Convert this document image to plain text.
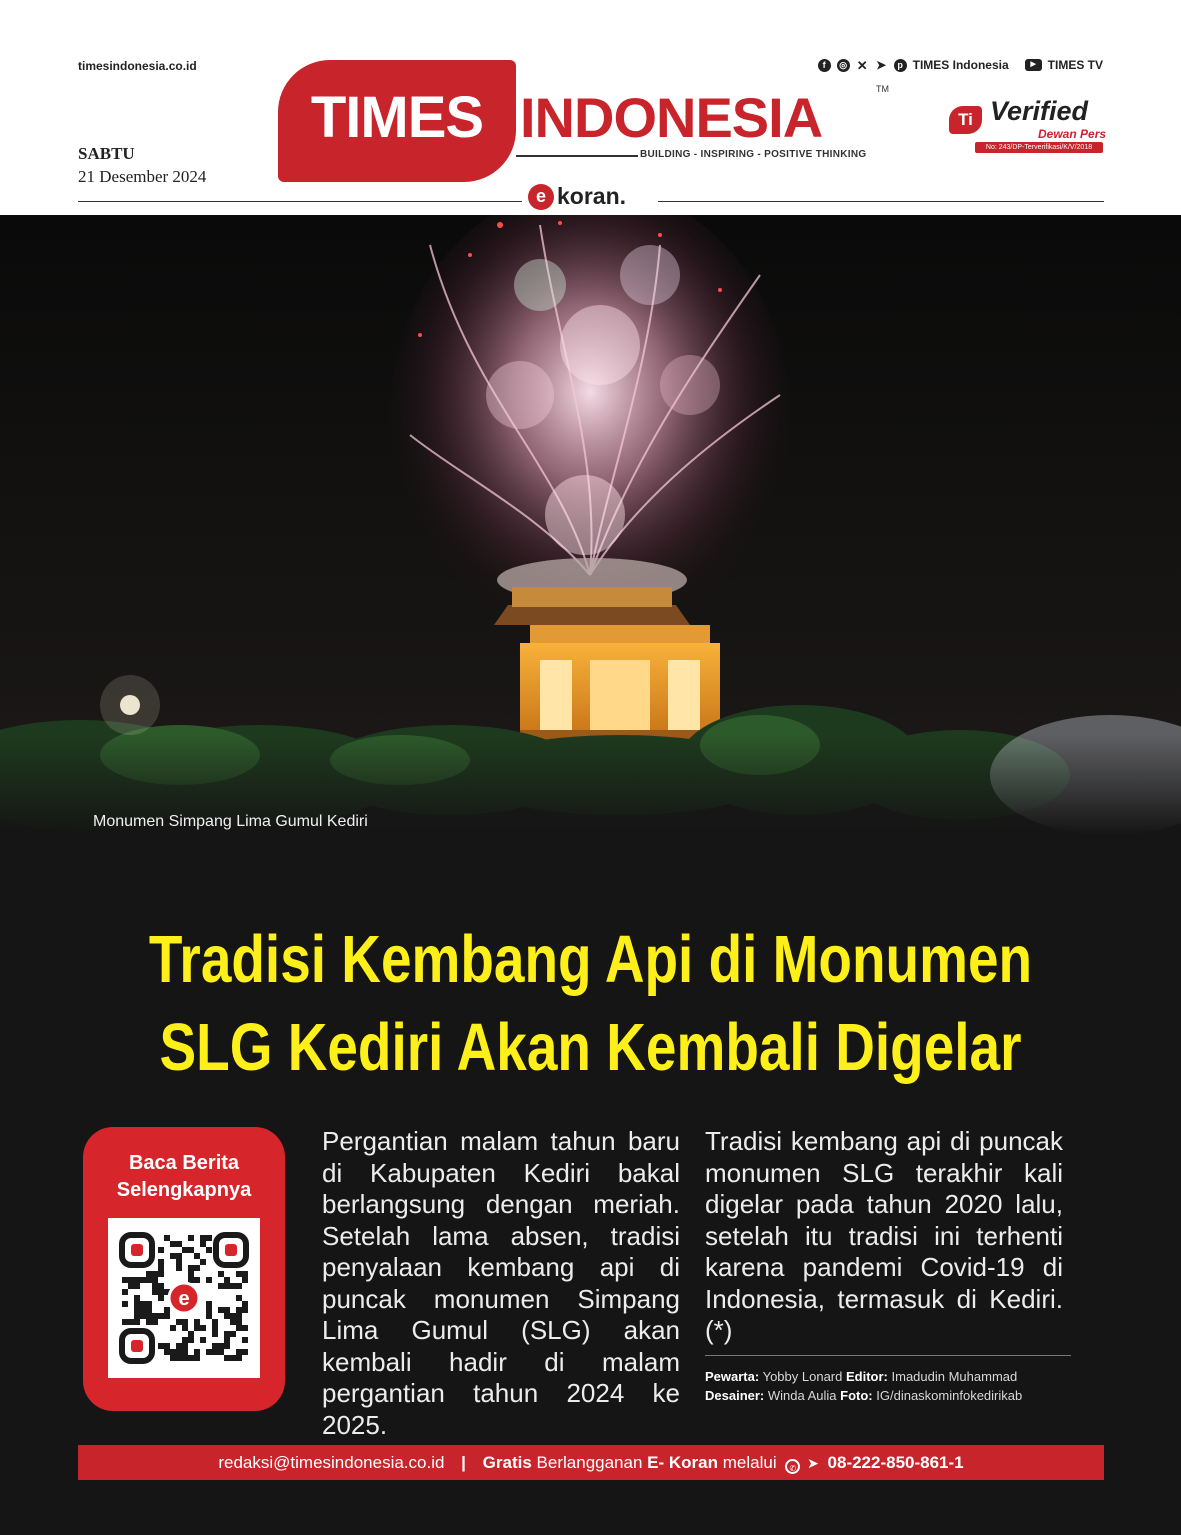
timesindonesia.co.id	f	◎ ✕ ➤	p TIMES Indonesia	▶ TIMES TV
SABTU
21 Desember 2024
TIMES INDONESIA	TM
BUILDING - INSPIRING - POSITIVE THINKING
Ti Verified
Dewan Pers
No: 243/DP-Terverifikasi/K/V/2018
e koran.
Monumen Simpang Lima Gumul Kediri
Tradisi Kembang Api di Monumen
SLG Kediri Akan Kembali Digelar
Baca Berita
Selengkapnya
e
Pergantian malam tahun baru di Kabupaten Kediri bakal berlangsung dengan meriah. Setelah lama absen, tradisi penyalaan kembang api di puncak monumen Simpang Lima Gumul (SLG) akan kembali hadir di malam pergantian tahun 2024 ke 2025.
Tradisi kembang api di puncak monumen SLG terakhir kali digelar pada tahun 2020 lalu, setelah itu tradisi ini terhenti karena pandemi Covid-19 di Indonesia, termasuk di Kediri.(*)
Pewarta: Yobby Lonard Editor: Imadudin Muhammad
Desainer: Winda Aulia Foto: IG/dinaskominfokedirikab
redaksi@timesindonesia.co.id | Gratis Berlangganan E- Koran melalui ✆ ➤ 08-222-850-861-1
